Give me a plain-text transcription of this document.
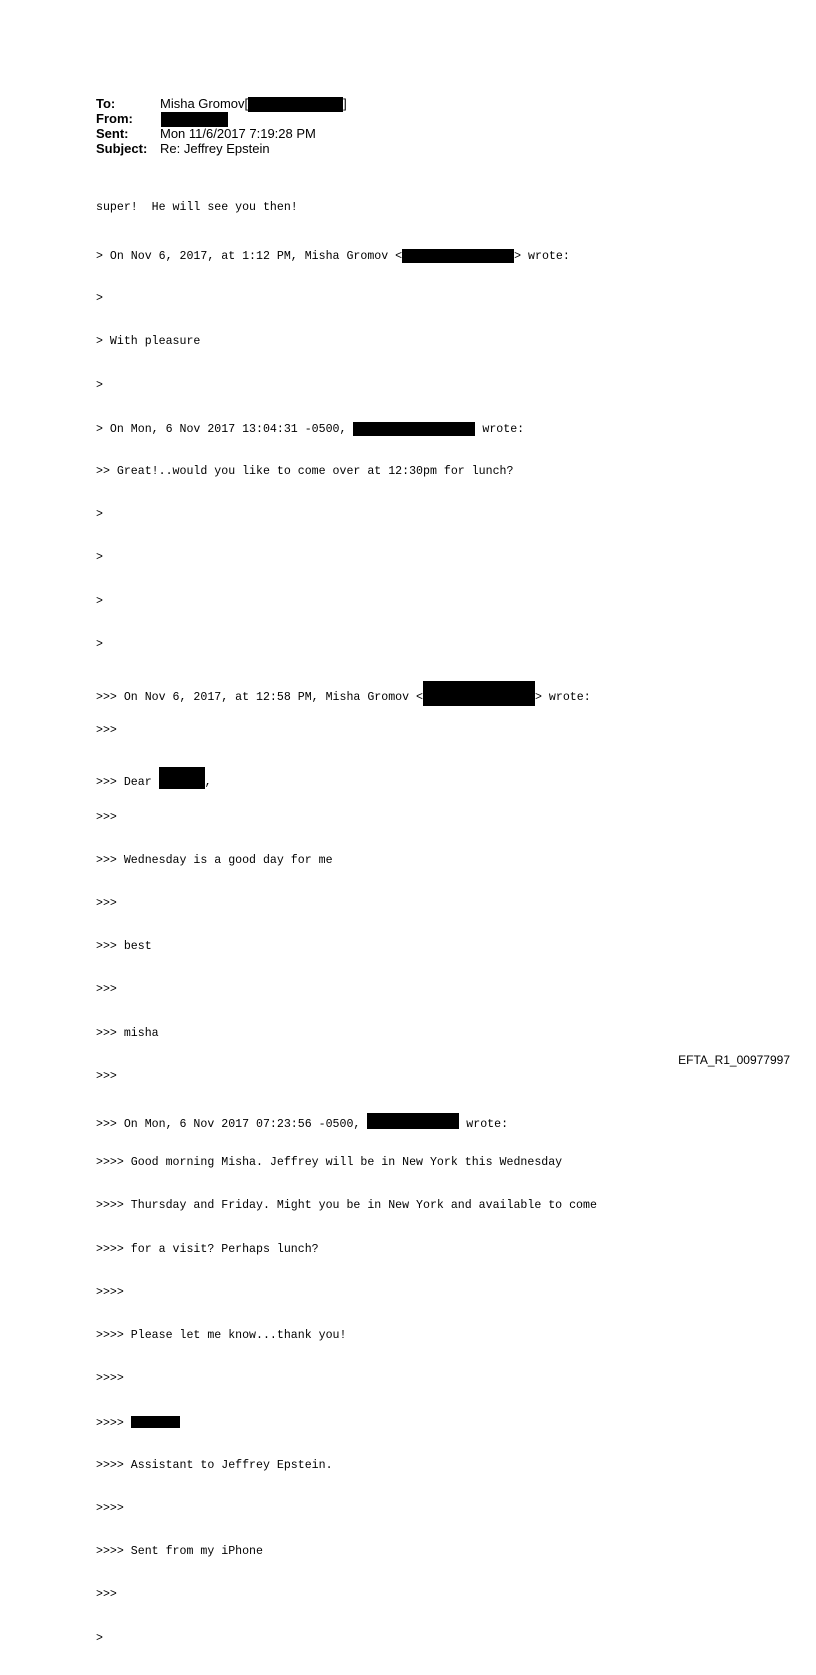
To:	Misha Gromov[	]
From:
Sent:	Mon 11/6/2017 7:19:28 PM
Subject: Re: Jeffrey Epstein

super!  He will see you then!

> On Nov 6, 2017, at 1:12 PM, Misha Gromov <	> wrote:

>

> With pleasure

>

> On Mon, 6 Nov 2017 13:04:31 -0500,	wrote:

>> Great!..would you like to come over at 12:30pm for lunch?

>

>

>

>

>>> On Nov 6, 2017, at 12:58 PM, Misha Gromov <	> wrote:

>>>

>>> Dear	,

>>>

>>> Wednesday is a good day for me

>>>

>>> best

>>>

>>> misha

>>>

>>> On Mon, 6 Nov 2017 07:23:56 -0500,	wrote:

>>>> Good morning Misha. Jeffrey will be in New York this Wednesday

>>>> Thursday and Friday. Might you be in New York and available to come

>>>> for a visit? Perhaps lunch?

>>>>

>>>> Please let me know...thank you!

>>>>

>>>>

>>>> Assistant to Jeffrey Epstein.

>>>>

>>>> Sent from my iPhone

>>>

>

EFTA_R1_00977997
